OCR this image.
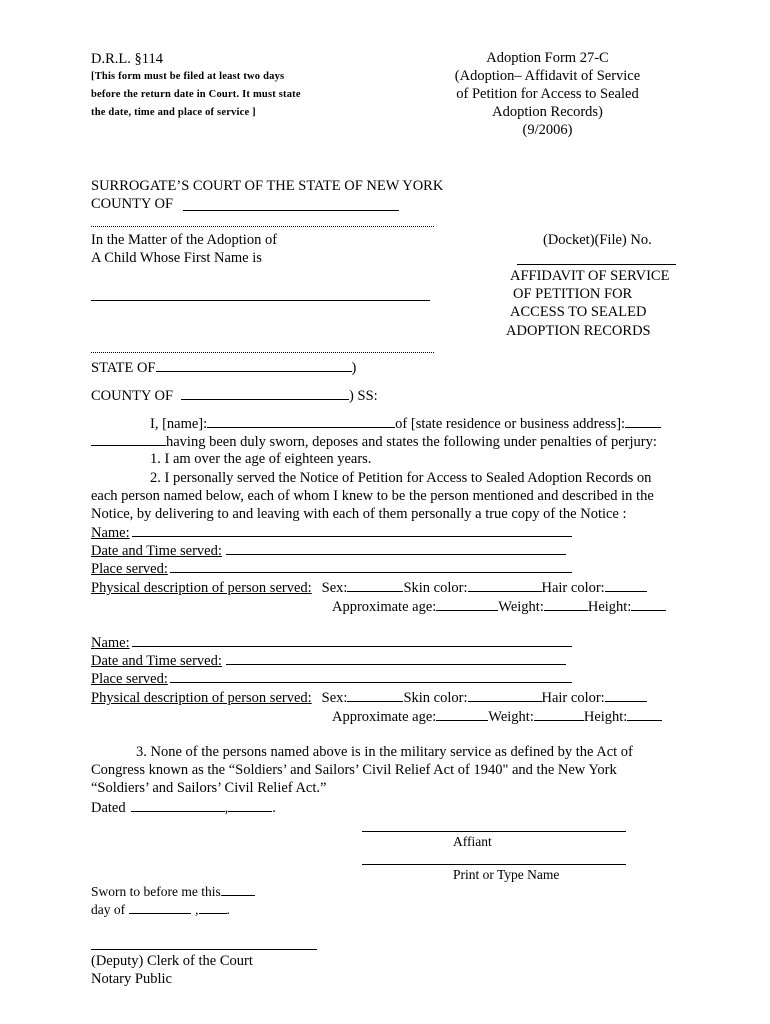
D.R.L. §114
[This form must be filed at least two days
before the return date in Court. It must state
the date, time and place of service ]
Adoption Form 27-C
(Adoption– Affidavit of Service
of Petition for Access to Sealed
Adoption Records)
(9/2006)
SURROGATE’S COURT OF THE STATE OF NEW YORK
COUNTY OF
In the Matter of the Adoption of
A Child Whose First Name is
(Docket)(File) No.
AFFIDAVIT OF SERVICE
OF PETITION FOR
ACCESS TO SEALED
ADOPTION RECORDS
STATE OF	)
COUNTY OF	) SS:
I, [name]:	of [state residence or business address]:
having been duly sworn, deposes and states the following under penalties of perjury:
1. I am over the age of eighteen years.
2. I personally served the Notice of Petition for Access to Sealed Adoption Records on
each person named below, each of whom I knew to be the person mentioned and described in the
Notice, by delivering to and leaving with each of them personally a true copy of the Notice :
Name:
Date and Time served:
Place served:
Physical description of person served: Sex:	Skin color:	Hair color:
Approximate age:	Weight:	Height:
Name:
Date and Time served:
Place served:
Physical description of person served: Sex:	Skin color:	Hair color:
Approximate age:	Weight:	Height:
3. None of the persons named above is in the military service as defined by the Act of
Congress known as the “Soldiers’ and Sailors’ Civil Relief Act of 1940" and the New York
“Soldiers’ and Sailors’ Civil Relief Act.”
Dated	,	.
Affiant
Print or Type Name
Sworn to before me this
day of	, .
(Deputy) Clerk of the Court
Notary Public
